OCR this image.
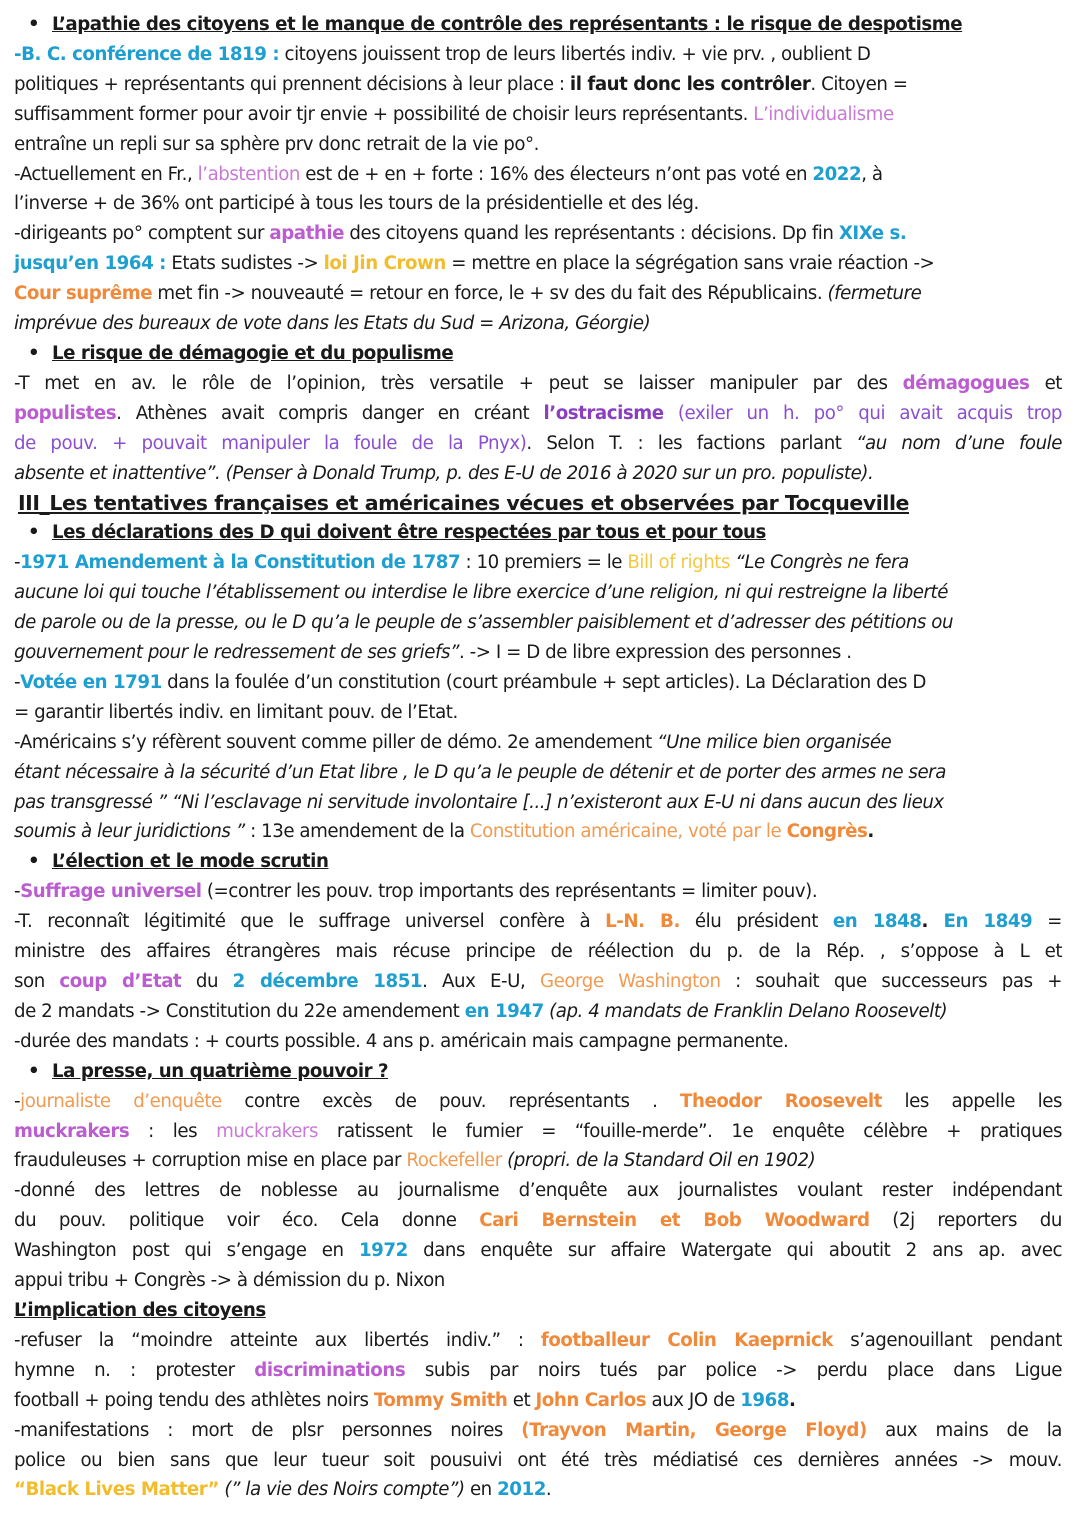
• L’apathie des citoyens et le manque de contrôle des représentants : le risque de despotisme
-B. C. conférence de 1819 : citoyens jouissent trop de leurs libertés indiv. + vie prv. , oublient D
politiques + représentants qui prennent décisions à leur place : il faut donc les contrôler. Citoyen =
suffisamment former pour avoir tjr envie + possibilité de choisir leurs représentants. L’individualisme
entraîne un repli sur sa sphère prv donc retrait de la vie po°.
-Actuellement en Fr., l’abstention est de + en + forte : 16% des électeurs n’ont pas voté en 2022, à
l’inverse + de 36% ont participé à tous les tours de la présidentielle et des lég.
-dirigeants po° comptent sur apathie des citoyens quand les représentants : décisions. Dp fin XIXe s.
jusqu’en 1964 : Etats sudistes -> loi Jin Crown = mettre en place la ségrégation sans vraie réaction ->
Cour suprême met fin -> nouveauté = retour en force, le + sv des du fait des Républicains. (fermeture
imprévue des bureaux de vote dans les Etats du Sud = Arizona, Géorgie)
• Le risque de démagogie et du populisme
-T met en av. le rôle de l’opinion, très versatile + peut se laisser manipuler par des démagogues et
populistes. Athènes avait compris danger en créant l’ostracisme (exiler un h. po° qui avait acquis trop
de pouv. + pouvait manipuler la foule de la Pnyx). Selon T. : les factions parlant “au nom d’une foule
absente et inattentive”. (Penser à Donald Trump, p. des E-U de 2016 à 2020 sur un pro. populiste).
III_Les tentatives françaises et américaines vécues et observées par Tocqueville
• Les déclarations des D qui doivent être respectées par tous et pour tous
-1971 Amendement à la Constitution de 1787 : 10 premiers = le Bill of rights “Le Congrès ne fera
aucune loi qui touche l’établissement ou interdise le libre exercice d’une religion, ni qui restreigne la liberté
de parole ou de la presse, ou le D qu’a le peuple de s’assembler paisiblement et d’adresser des pétitions ou
gouvernement pour le redressement de ses griefs”. -> I = D de libre expression des personnes .
-Votée en 1791 dans la foulée d’un constitution (court préambule + sept articles). La Déclaration des D
= garantir libertés indiv. en limitant pouv. de l’Etat.
-Américains s’y réfèrent souvent comme piller de démo. 2e amendement “Une milice bien organisée
étant nécessaire à la sécurité d’un Etat libre , le D qu’a le peuple de détenir et de porter des armes ne sera
pas transgressé ” “Ni l’esclavage ni servitude involontaire [...] n’existeront aux E-U ni dans aucun des lieux
soumis à leur juridictions ” : 13e amendement de la Constitution américaine, voté par le Congrès.
• L’élection et le mode scrutin
-Suffrage universel (=contrer les pouv. trop importants des représentants = limiter pouv).
-T. reconnaît légitimité que le suffrage universel confère à L-N. B. élu président en 1848. En 1849 =
ministre des affaires étrangères mais récuse principe de réélection du p. de la Rép. , s’oppose à L et
son coup d’Etat du 2 décembre 1851. Aux E-U, George Washington : souhait que successeurs pas +
de 2 mandats -> Constitution du 22e amendement en 1947 (ap. 4 mandats de Franklin Delano Roosevelt)
-durée des mandats : + courts possible. 4 ans p. américain mais campagne permanente.
• La presse, un quatrième pouvoir ?
-journaliste d’enquête contre excès de pouv. représentants . Theodor Roosevelt les appelle les
muckrakers : les muckrakers ratissent le fumier = “fouille-merde”. 1e enquête célèbre + pratiques
frauduleuses + corruption mise en place par Rockefeller (propri. de la Standard Oil en 1902)
-donné des lettres de noblesse au journalisme d’enquête aux journalistes voulant rester indépendant
du pouv. politique voir éco. Cela donne Cari Bernstein et Bob Woodward (2j reporters du
Washington post qui s’engage en 1972 dans enquête sur affaire Watergate qui aboutit 2 ans ap. avec
appui tribu + Congrès -> à démission du p. Nixon
L’implication des citoyens
-refuser la “moindre atteinte aux libertés indiv.” : footballeur Colin Kaeprnick s’agenouillant pendant
hymne n. : protester discriminations subis par noirs tués par police -> perdu place dans Ligue
football + poing tendu des athlètes noirs Tommy Smith et John Carlos aux JO de 1968.
-manifestations : mort de plsr personnes noires (Trayvon Martin, George Floyd) aux mains de la
police ou bien sans que leur tueur soit pousuivi ont été très médiatisé ces dernières années -> mouv.
“Black Lives Matter” (” la vie des Noirs compte”) en 2012.
